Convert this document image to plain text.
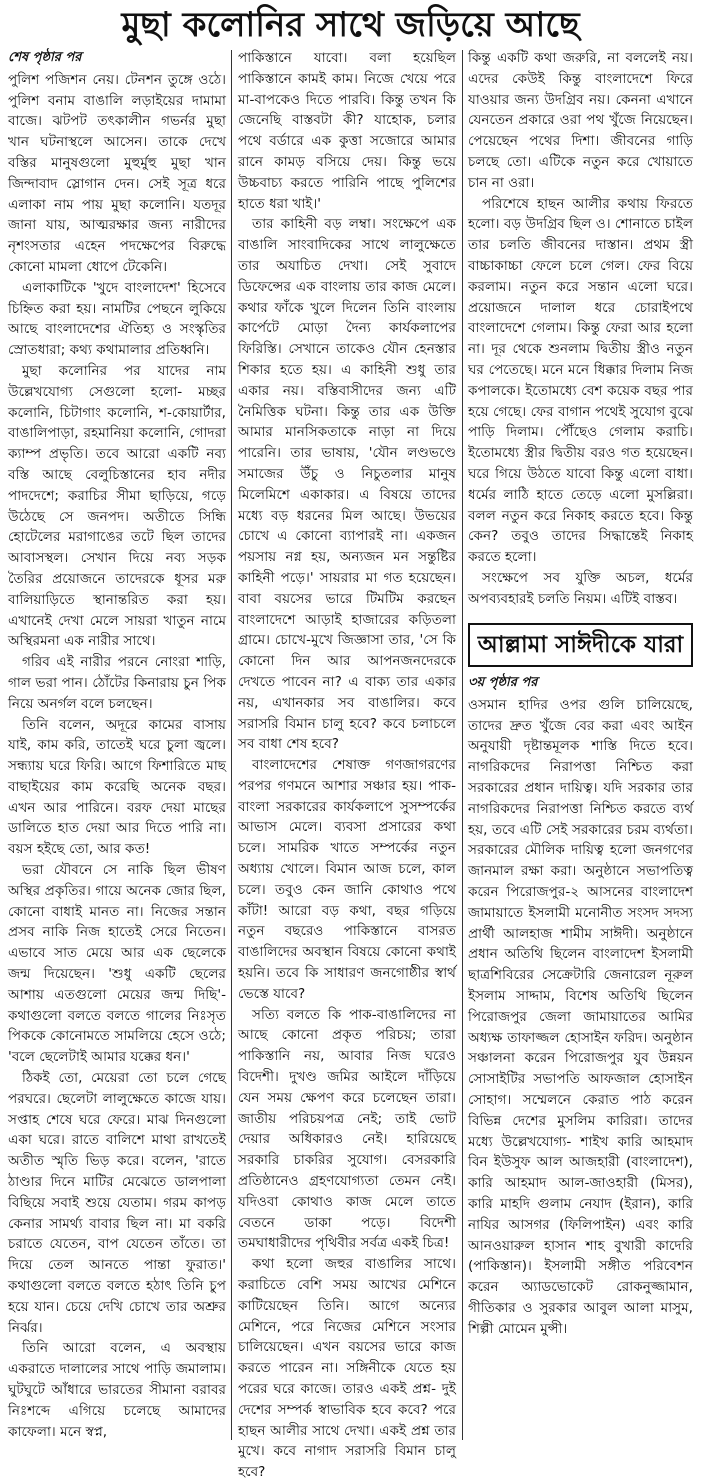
মুছা কলোনির সাথে জড়িয়ে আছে

শেষ পৃষ্ঠার পর

পুলিশ পজিশন নেয়। টেনশন তুঙ্গে ওঠে। পুলিশ বনাম বাঙালি লড়াইয়ের দামামা বাজে। ঝটপট তৎকালীন গভর্নর মুছা খান ঘটনাস্থলে আসেন। তাকে দেখে বস্তির মানুষগুলো মুহুর্মুহু মুছা খান জিন্দাবাদ স্লোগান দেন। সেই সূত্র ধরে এলাকা নাম পায় মুছা কলোনি। যতদূর জানা যায়, আত্মরক্ষার জন্য নারীদের নৃশংসতার এহেন পদক্ষেপের বিরুদ্ধে কোনো মামলা ধোপে টেকেনি।

এলাকাটিকে 'খুদে বাংলাদেশ' হিসেবে চিহ্নিত করা হয়। নামটির পেছনে লুকিয়ে আছে বাংলাদেশের ঐতিহ্য ও সংস্কৃতির স্রোতধারা; কথ্য কথামালার প্রতিধ্বনি।

মুছা কলোনির পর যাদের নাম উল্লেখযোগ্য সেগুলো হলো- মচ্ছর কলোনি, চিটাগাং কলোনি, শ-কোয়ার্টার, বাঙালিপাড়া, রহমানিয়া কলোনি, গোদরা ক্যাম্প প্রভৃতি। তবে আরো একটি নব্য বস্তি আছে বেলুচিস্তানের হাব নদীর পাদদেশে; করাচির সীমা ছাড়িয়ে, গড়ে উঠেছে সে জনপদ। অতীতে সিন্ধি হোটেলের মরাগাঙের তটে ছিল তাদের আবাসস্থল। সেখান দিয়ে নব্য সড়ক তৈরির প্রয়োজনে তাদেরকে ধূসর মরু বালিয়াড়িতে স্থানান্তরিত করা হয়। এখানেই দেখা মেলে সায়রা খাতুন নামে অস্থিরমনা এক নারীর সাথে।

গরিব এই নারীর পরনে নোংরা শাড়ি, গাল ভরা পান। ঠোঁটের কিনারায় চুন পিক নিয়ে অনর্গল বলে চলছেন।

তিনি বলেন, অদূরে কামের বাসায় যাই, কাম করি, তাতেই ঘরে চুলা জ্বলে। সন্ধ্যায় ঘরে ফিরি। আগে ফিশারিতে মাছ বাছাইয়ের কাম করেছি অনেক বছর। এখন আর পারিনে। বরফ দেয়া মাছের ডালিতে হাত দেয়া আর দিতে পারি না। বয়স হইছে তো, আর কত!

ভরা যৌবনে সে নাকি ছিল ভীষণ অস্থির প্রকৃতির। গায়ে অনেক জোর ছিল, কোনো বাধাই মানত না। নিজের সন্তান প্রসব নাকি নিজ হাতেই সেরে নিতেন। এভাবে সাত মেয়ে আর এক ছেলেকে জন্ম দিয়েছেন। 'শুধু একটি ছেলের আশায় এতগুলো মেয়ের জন্ম দিছি'- কথাগুলো বলতে বলতে গালের নিঃসৃত পিককে কোনোমতে সামলিয়ে হেসে ওঠে; 'বলে ছেলেটাই আমার যক্কের ধন।'

ঠিকই তো, মেয়েরা তো চলে গেছে পরঘরে। ছেলেটা লালুক্ষেতে কাজে যায়। সপ্তাহ শেষে ঘরে ফেরে। মাঝ দিনগুলো একা ঘরে। রাতে বালিশে মাথা রাখতেই অতীত স্মৃতি ভিড় করে। বলেন, 'রাতে ঠাণ্ডার দিনে মাটির মেঝেতে ডালপালা বিছিয়ে সবাই শুয়ে যেতাম। গরম কাপড় কেনার সামর্থ্য বাবার ছিল না। মা বকরি চরাতে যেতেন, বাপ যেতেন তাঁতে। তা দিয়ে তেল আনতে পান্তা ফুরাত।' কথাগুলো বলতে বলতে হঠাৎ তিনি চুপ হয়ে যান। চেয়ে দেখি চোখে তার অশ্রুর নির্ঝর।

তিনি আরো বলেন, এ অবস্থায় একরাতে দালালের সাথে পাড়ি জমালাম। ঘুটঘুটে আঁধারে ভারতের সীমানা বরাবর নিঃশব্দে এগিয়ে চলেছে আমাদের কাফেলা। মনে স্বপ্ন,

পাকিস্তানে যাবো। বলা হয়েছিল পাকিস্তানে কামই কাম। নিজে খেয়ে পরে মা-বাপকেও দিতে পারবি। কিন্তু তখন কি জেনেছি বাস্তবটা কী? যাহোক, চলার পথে বর্ডারে এক কুত্তা সজোরে আমার রানে কামড় বসিয়ে দেয়। কিন্তু ভয়ে উচ্চবাচ্য করতে পারিনি পাছে পুলিশের হাতে ধরা খাই।'

তার কাহিনী বড় লম্বা। সংক্ষেপে এক বাঙালি সাংবাদিকের সাথে লালুক্ষেতে তার অযাচিত দেখা। সেই সুবাদে ডিফেন্সের এক বাংলায় তার কাজ মেলে। কথার ফাঁকে খুলে দিলেন তিনি বাংলায় কার্পেটে মোড়া দৈন্য কার্যকলাপের ফিরিস্তি। সেখানে তাকেও যৌন হেনস্তার শিকার হতে হয়। এ কাহিনী শুধু তার একার নয়। বস্তিবাসীদের জন্য এটি নৈমিত্তিক ঘটনা। কিন্তু তার এক উক্তি আমার মানসিকতাকে নাড়া না দিয়ে পারেনি। তার ভাষায়, 'যৌন লণ্ডভণ্ডে সমাজের উঁচু ও নিচুতলার মানুষ মিলেমিশে একাকার। এ বিষয়ে তাদের মধ্যে বড় ধরনের মিল আছে। উভয়ের চোখে এ কোনো ব্যাপারই না। একজন পয়সায় নগ্ন হয়, অন্যজন মন সন্তুষ্টির কাহিনী পড়ে।' সায়রার মা গত হয়েছেন। বাবা বয়সের ভারে টিমটিম করছেন বাংলাদেশে আড়াই হাজারের কড়িতলা গ্রামে। চোখে-মুখে জিজ্ঞাসা তার, 'সে কি কোনো দিন আর আপনজনদেরকে দেখতে পাবেন না? এ বাক্য তার একার নয়, এখানকার সব বাঙালির। কবে সরাসরি বিমান চালু হবে? কবে চলাচলে সব বাধা শেষ হবে?

বাংলাদেশের শেষাক্ত গণজাগরণের পরপর গণমনে আশার সঞ্চার হয়। পাক-বাংলা সরকারের কার্যকলাপে সুসম্পর্কের আভাস মেলে। ব্যবসা প্রসারের কথা চলে। সামরিক খাতে সম্পর্কের নতুন অধ্যায় খোলে। বিমান আজ চলে, কাল চলে। তবুও কেন জানি কোথাও পথে কাঁটা! আরো বড় কথা, বছর গড়িয়ে নতুন বছরেও পাকিস্তানে বাসরত বাঙালিদের অবস্থান বিষয়ে কোনো কথাই হয়নি। তবে কি সাধারণ জনগোষ্ঠীর স্বার্থ ভেস্তে যাবে?

সত্যি বলতে কি পাক-বাঙালিদের না আছে কোনো প্রকৃত পরিচয়; তারা পাকিস্তানি নয়, আবার নিজ ঘরেও বিদেশী। দুখণ্ড জমির আইলে দাঁড়িয়ে যেন সময় ক্ষেপণ করে চলেছেন তারা। জাতীয় পরিচয়পত্র নেই; তাই ভোট দেয়ার অধিকারও নেই। হারিয়েছে সরকারি চাকরির সুযোগ। বেসরকারি প্রতিষ্ঠানেও গ্রহণযোগ্যতা তেমন নেই। যদিওবা কোথাও কাজ মেলে তাতে বেতনে ডাকা পড়ে। বিদেশী তমঘাধারীদের পৃথিবীর সর্বত্র একই চিত্র!

কথা হলো জহুর বাঙালির সাথে। করাচিতে বেশি সময় আখের মেশিনে কাটিয়েছেন তিনি। আগে অন্যের মেশিনে, পরে নিজের মেশিনে সংসার চালিয়েছেন। এখন বয়সের ভারে কাজ করতে পারেন না। সঙ্গিনীকে যেতে হয় পরের ঘরে কাজে। তারও একই প্রশ্ন- দুই দেশের সম্পর্ক স্বাভাবিক হবে কবে? পরে হাছন আলীর সাথে দেখা। একই প্রশ্ন তার মুখে। কবে নাগাদ সরাসরি বিমান চালু হবে?

কিন্তু একটি কথা জরুরি, না বললেই নয়। এদের কেউই কিন্তু বাংলাদেশে ফিরে যাওয়ার জন্য উদগ্রিব নয়। কেননা এখানে যেনতেন প্রকারে ওরা পথ খুঁজে নিয়েছেন। পেয়েছেন পথের দিশা। জীবনের গাড়ি চলছে তো। এটিকে নতুন করে খোয়াতে চান না ওরা।

পরিশেষে হাছন আলীর কথায় ফিরতে হলো। বড় উদগ্রিব ছিল ও। শোনাতে চাইল তার চলতি জীবনের দাস্তান। প্রথম স্ত্রী বাচ্চাকাচ্চা ফেলে চলে গেল। ফের বিয়ে করলাম। নতুন করে সন্তান এলো ঘরে। প্রয়োজনে দালাল ধরে চোরাইপথে বাংলাদেশে গেলাম। কিন্তু ফেরা আর হলো না। দূর থেকে শুনলাম দ্বিতীয় স্ত্রীও নতুন ঘর পেতেছে। মনে মনে ধিক্কার দিলাম নিজ কপালকে। ইতোমধ্যে বেশ কয়েক বছর পার হয়ে গেছে। ফের বাগান পথেই সুযোগ বুঝে পাড়ি দিলাম। পৌঁছেও গেলাম করাচি। ইতোমধ্যে স্ত্রীর দ্বিতীয় বরও গত হয়েছেন। ঘরে গিয়ে উঠতে যাবো কিন্তু এলো বাধা। ধর্মের লাঠি হাতে তেড়ে এলো মুসল্লিরা। বলল নতুন করে নিকাহ করতে হবে। কিন্তু কেন? তবুও তাদের সিদ্ধান্তেই নিকাহ করতে হলো।

সংক্ষেপে সব যুক্তি অচল, ধর্মের অপব্যবহারই চলতি নিয়ম। এটিই বাস্তব।

আল্লামা সাঈদীকে যারা

৩য় পৃষ্ঠার পর

ওসমান হাদির ওপর গুলি চালিয়েছে, তাদের দ্রুত খুঁজে বের করা এবং আইন অনুযায়ী দৃষ্টান্তমূলক শাস্তি দিতে হবে। নাগরিকদের নিরাপত্তা নিশ্চিত করা সরকারের প্রধান দায়িত্ব। যদি সরকার তার নাগরিকদের নিরাপত্তা নিশ্চিত করতে ব্যর্থ হয়, তবে এটি সেই সরকারের চরম ব্যর্থতা। সরকারের মৌলিক দায়িত্ব হলো জনগণের জানমাল রক্ষা করা। অনুষ্ঠানে সভাপতিত্ব করেন পিরোজপুর-২ আসনের বাংলাদেশ জামায়াতে ইসলামী মনোনীত সংসদ সদস্য প্রার্থী আলহাজ শামীম সাঈদী। অনুষ্ঠানে প্রধান অতিথি ছিলেন বাংলাদেশ ইসলামী ছাত্রশিবিরের সেক্রেটারি জেনারেল নূরুল ইসলাম সাদ্দাম, বিশেষ অতিথি ছিলেন পিরোজপুর জেলা জামায়াতের আমির অধ্যক্ষ তাফাজ্জল হোসাইন ফরিদ। অনুষ্ঠান সঞ্চালনা করেন পিরোজপুর যুব উন্নয়ন সোসাইটির সভাপতি আফজাল হোসাইন সোহাগ। সম্মেলনে কেরাত পাঠ করেন বিভিন্ন দেশের মুসলিম কারিরা। তাদের মধ্যে উল্লেখযোগ্য- শাইখ কারি আহমাদ বিন ইউসুফ আল আজহারী (বাংলাদেশ), কারি আহমাদ আল-জাওহারী (মিসর), কারি মাহদি গুলাম নেযাদ (ইরান), কারি নাযির আসগর (ফিলিপাইন) এবং কারি আনওয়ারুল হাসান শাহ বুখারী কাদেরি (পাকিস্তান)। ইসলামী সঙ্গীত পরিবেশন করেন অ্যাডভোকেট রোকনুজ্জামান, গীতিকার ও সুরকার আবুল আলা মাসুম, শিল্পী মোমেন মুন্সী।
